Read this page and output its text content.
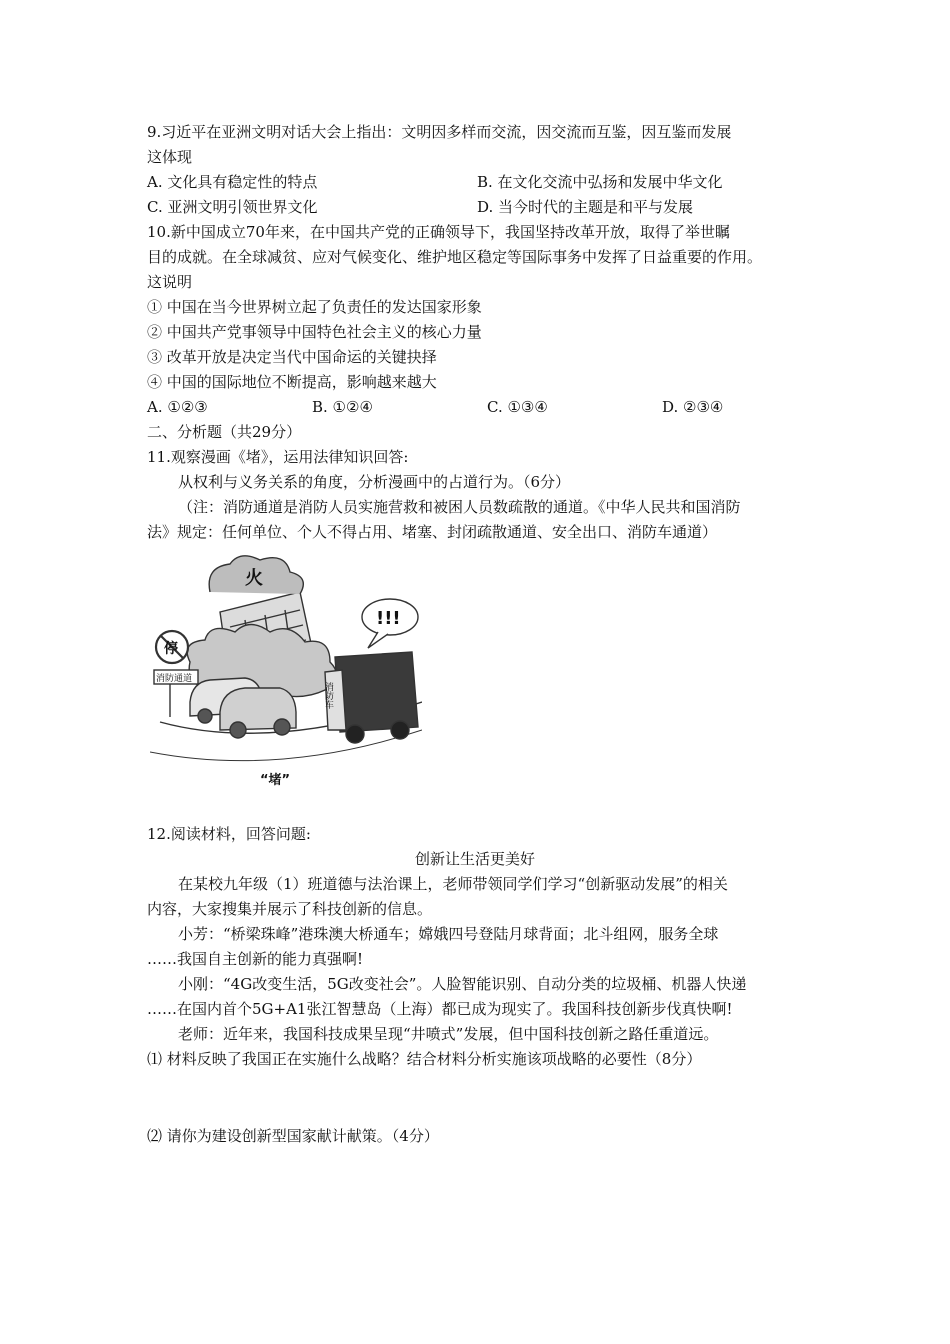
9.习近平在亚洲文明对话大会上指出：文明因多样而交流，因交流而互鉴，因互鉴而发展
这体现
A. 文化具有稳定性的特点	B. 在文化交流中弘扬和发展中华文化
C. 亚洲文明引领世界文化	D. 当今时代的主题是和平与发展
10.新中国成立70年来，在中国共产党的正确领导下，我国坚持改革开放，取得了举世瞩
目的成就。在全球减贫、应对气候变化、维护地区稳定等国际事务中发挥了日益重要的作用。
这说明
① 中国在当今世界树立起了负责任的发达国家形象
② 中国共产党事领导中国特色社会主义的核心力量
③ 改革开放是决定当代中国命运的关键抉择
④ 中国的国际地位不断提高，影响越来越大
A. ①②③	B. ①②④	C. ①③④	D. ②③④
二、分析题（共29分）
11.观察漫画《堵》，运用法律知识回答:
从权利与义务关系的角度，分析漫画中的占道行为。（6分）
（注：消防通道是消防人员实施营救和被困人员数疏散的通道。《中华人民共和国消防
法》规定：任何单位、个人不得占用、堵塞、封闭疏散通道、安全出口、消防车通道）
火
停
消防通道
消防车
!!!
“堵”
12.阅读材料，回答问题:
创新让生活更美好
在某校九年级（1）班道德与法治课上，老师带领同学们学习“创新驱动发展”的相关
内容，大家搜集并展示了科技创新的信息。
小芳：“桥梁珠峰”港珠澳大桥通车；嫦娥四号登陆月球背面；北斗组网，服务全球
……我国自主创新的能力真强啊!
小刚：“4G改变生活，5G改变社会”。人脸智能识别、自动分类的垃圾桶、机器人快递
……在国内首个5G+A1张江智慧岛（上海）都已成为现实了。我国科技创新步伐真快啊!
老师：近年来，我国科技成果呈现“井喷式”发展，但中国科技创新之路任重道远。
⑴ 材料反映了我国正在实施什么战略？结合材料分析实施该项战略的必要性（8分）
⑵ 请你为建设创新型国家献计献策。（4分）
